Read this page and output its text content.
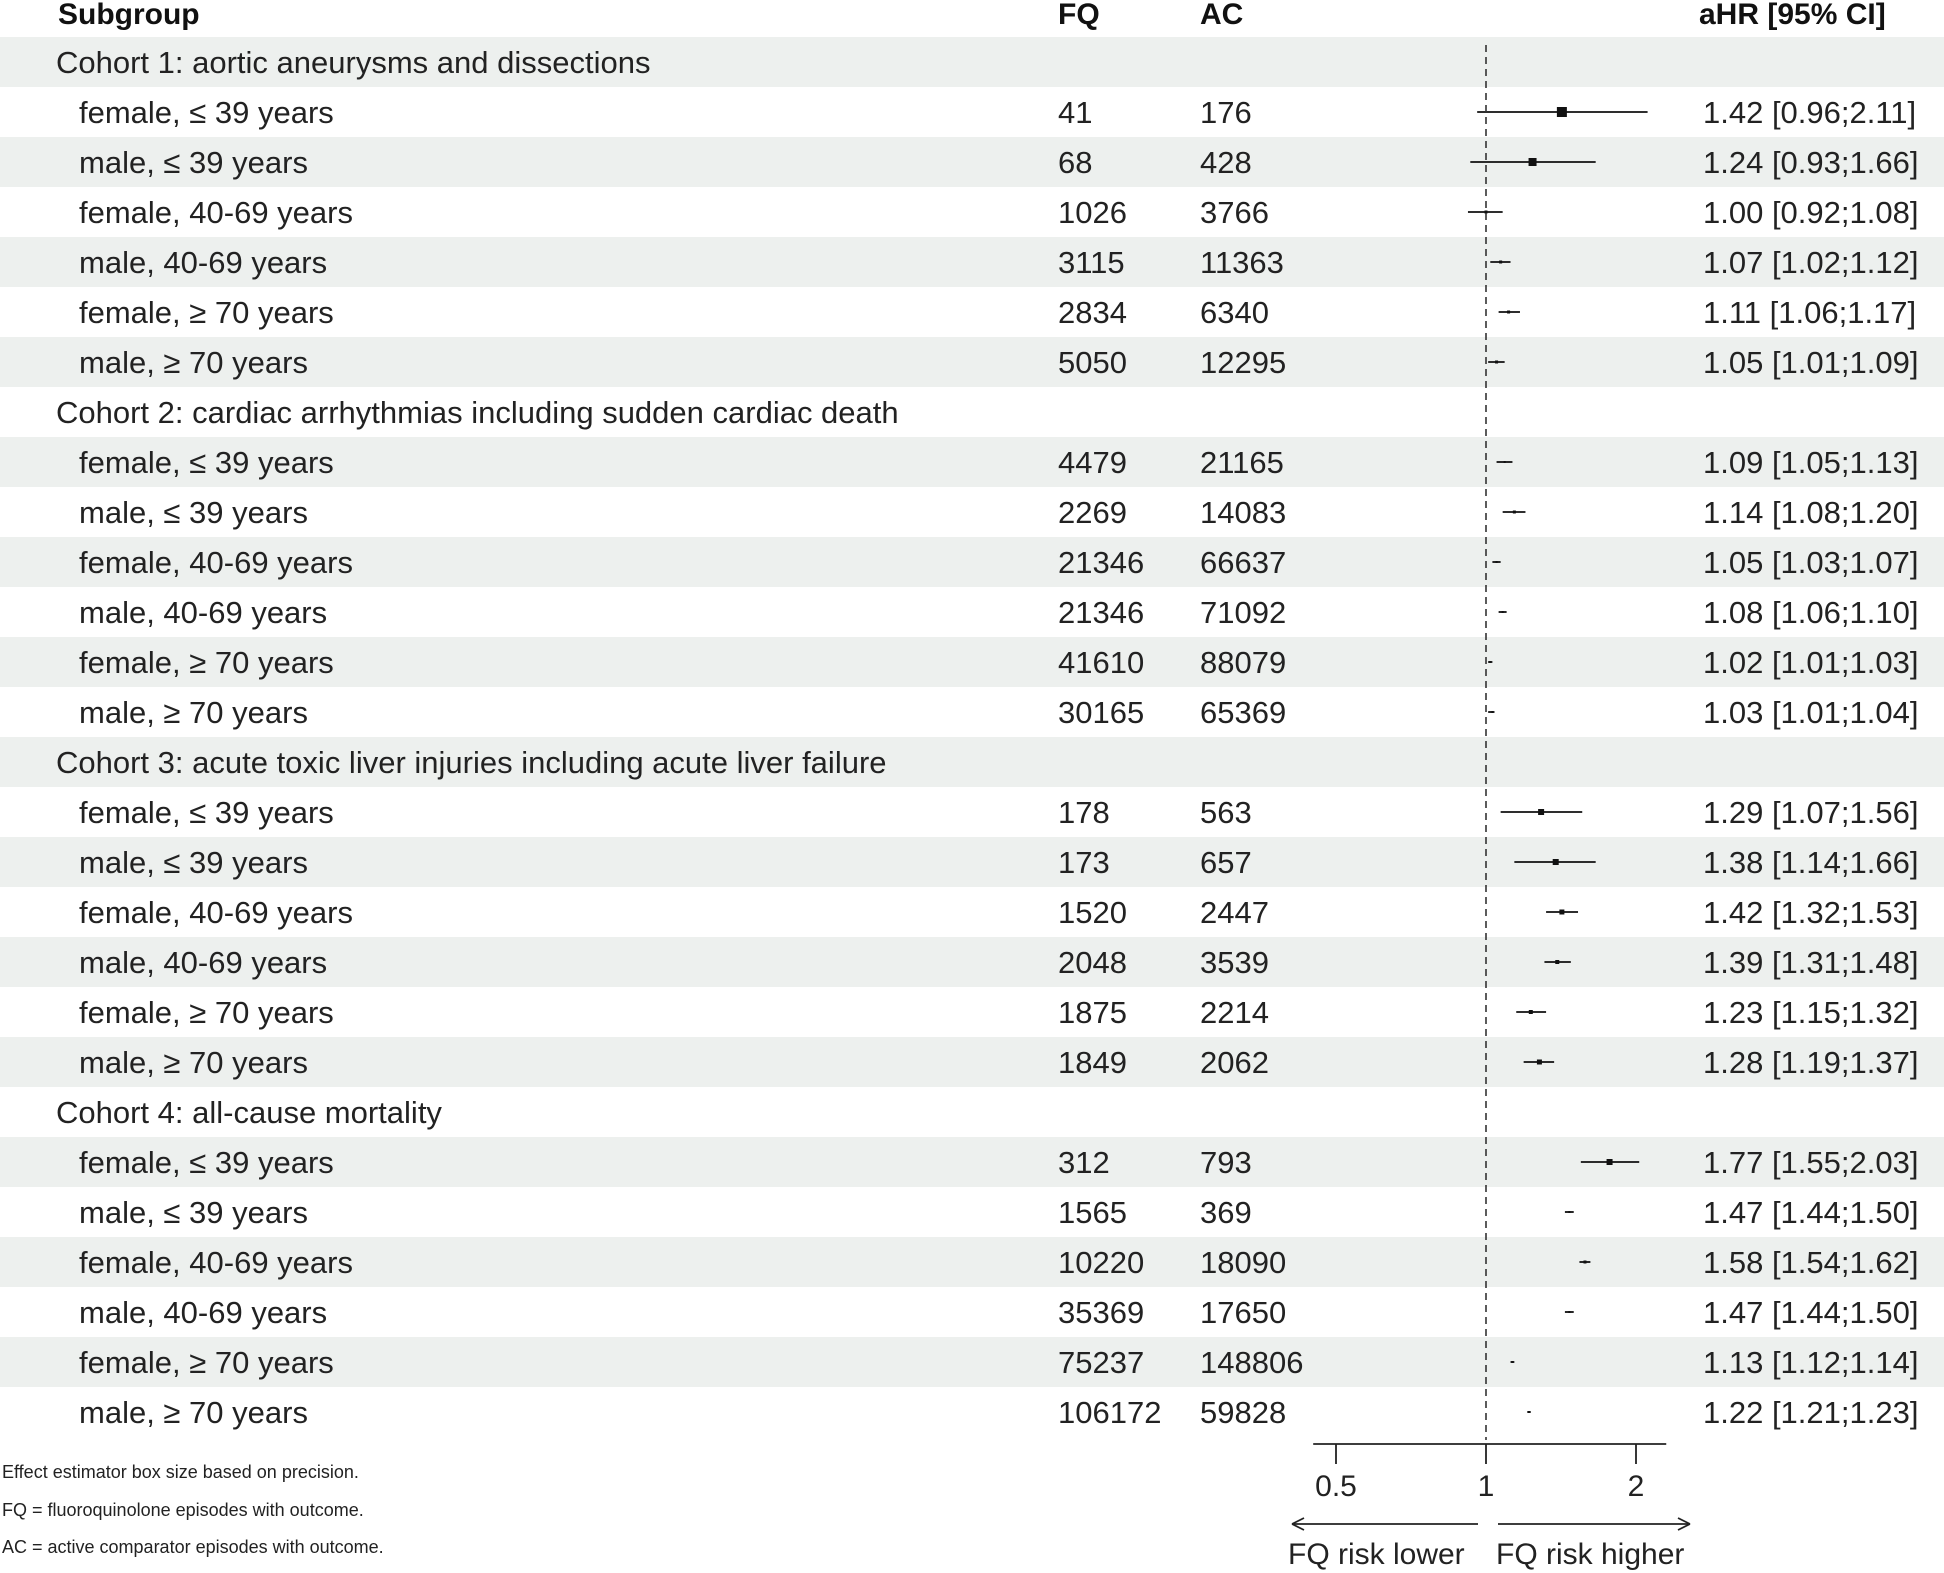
Subgroup	FQ	AC	aHR [95% CI]
Cohort 1: aortic aneurysms and dissections
female, ≤ 39 years	41	176	1.42 [0.96;2.11]
male, ≤ 39 years	68	428	1.24 [0.93;1.66]
female, 40-69 years	1026 3766	1.00 [0.92;1.08]
male, 40-69 years	3115 11363	1.07 [1.02;1.12]
female, ≥ 70 years	2834 6340	1.11 [1.06;1.17]
male, ≥ 70 years	5050 12295	1.05 [1.01;1.09]
Cohort 2: cardiac arrhythmias including sudden cardiac death
female, ≤ 39 years	4479 21165	1.09 [1.05;1.13]
male, ≤ 39 years	2269 14083	1.14 [1.08;1.20]
female, 40-69 years	21346 66637	1.05 [1.03;1.07]
male, 40-69 years	21346 71092	1.08 [1.06;1.10]
female, ≥ 70 years	41610 88079	1.02 [1.01;1.03]
male, ≥ 70 years	30165 65369	1.03 [1.01;1.04]
Cohort 3: acute toxic liver injuries including acute liver failure
female, ≤ 39 years	178	563	1.29 [1.07;1.56]
male, ≤ 39 years	173	657	1.38 [1.14;1.66]
female, 40-69 years	1520 2447	1.42 [1.32;1.53]
male, 40-69 years	2048 3539	1.39 [1.31;1.48]
female, ≥ 70 years	1875 2214	1.23 [1.15;1.32]
male, ≥ 70 years	1849 2062	1.28 [1.19;1.37]
Cohort 4: all-cause mortality
female, ≤ 39 years	312	793	1.77 [1.55;2.03]
male, ≤ 39 years	1565 369	1.47 [1.44;1.50]
female, 40-69 years	10220 18090	1.58 [1.54;1.62]
male, 40-69 years	35369 17650	1.47 [1.44;1.50]
female, ≥ 70 years	75237 148806	1.13 [1.12;1.14]
male, ≥ 70 years	106172 59828	1.22 [1.21;1.23]
0.5	1	2
FQ risk lower FQ risk higher
Effect estimator box size based on precision.
FQ = fluoroquinolone episodes with outcome.
AC = active comparator episodes with outcome.
